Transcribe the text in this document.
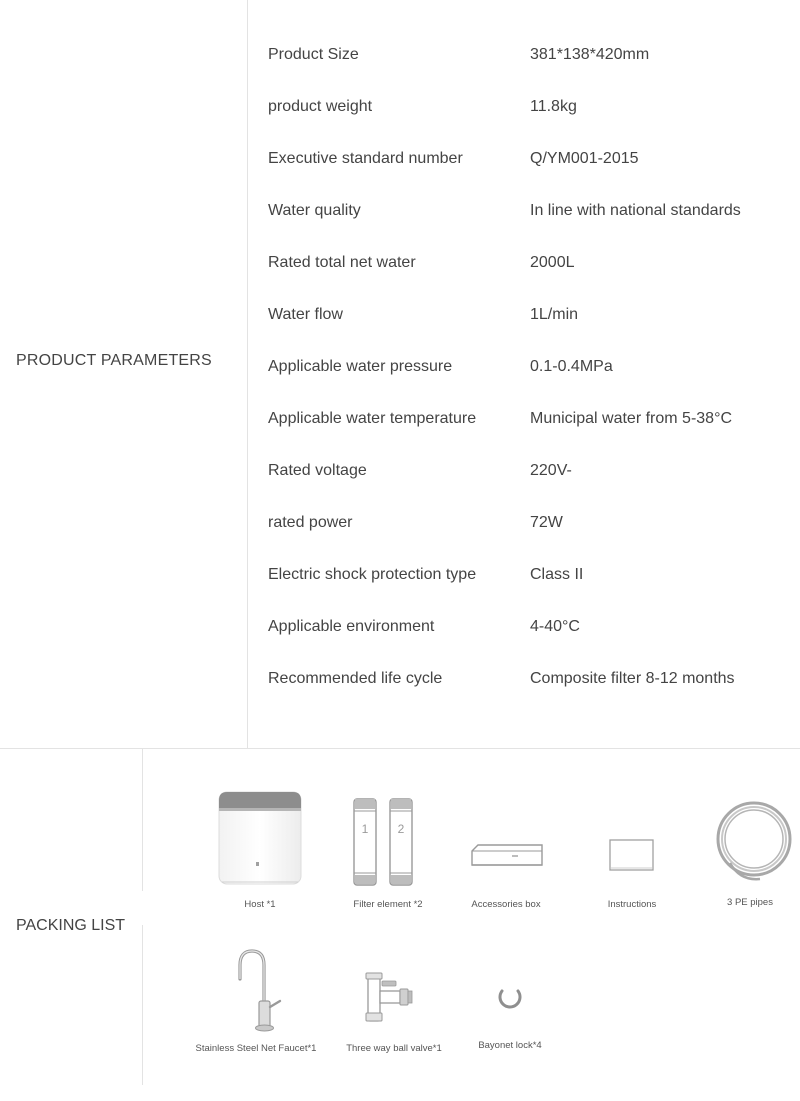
PRODUCT PARAMETERS
Product Size	381*138*420mm
product weight	11.8kg
Executive standard number	Q/YM001-2015
Water quality	In line with national standards
Rated total net water	2000L
Water flow	1L/min
Applicable water pressure	0.1-0.4MPa
Applicable water temperature	Municipal water from 5-38°C
Rated voltage	220V-
rated power	72W
Electric shock protection type	Class II
Applicable environment	4-40°C
Recommended life cycle	Composite filter 8-12 months
PACKING LIST
Host *1
1 2
Filter element *2	Accessories box	Instructions	3 PE pipes
Stainless Steel Net Faucet*1	Three way ball valve*1	Bayonet lock*4
